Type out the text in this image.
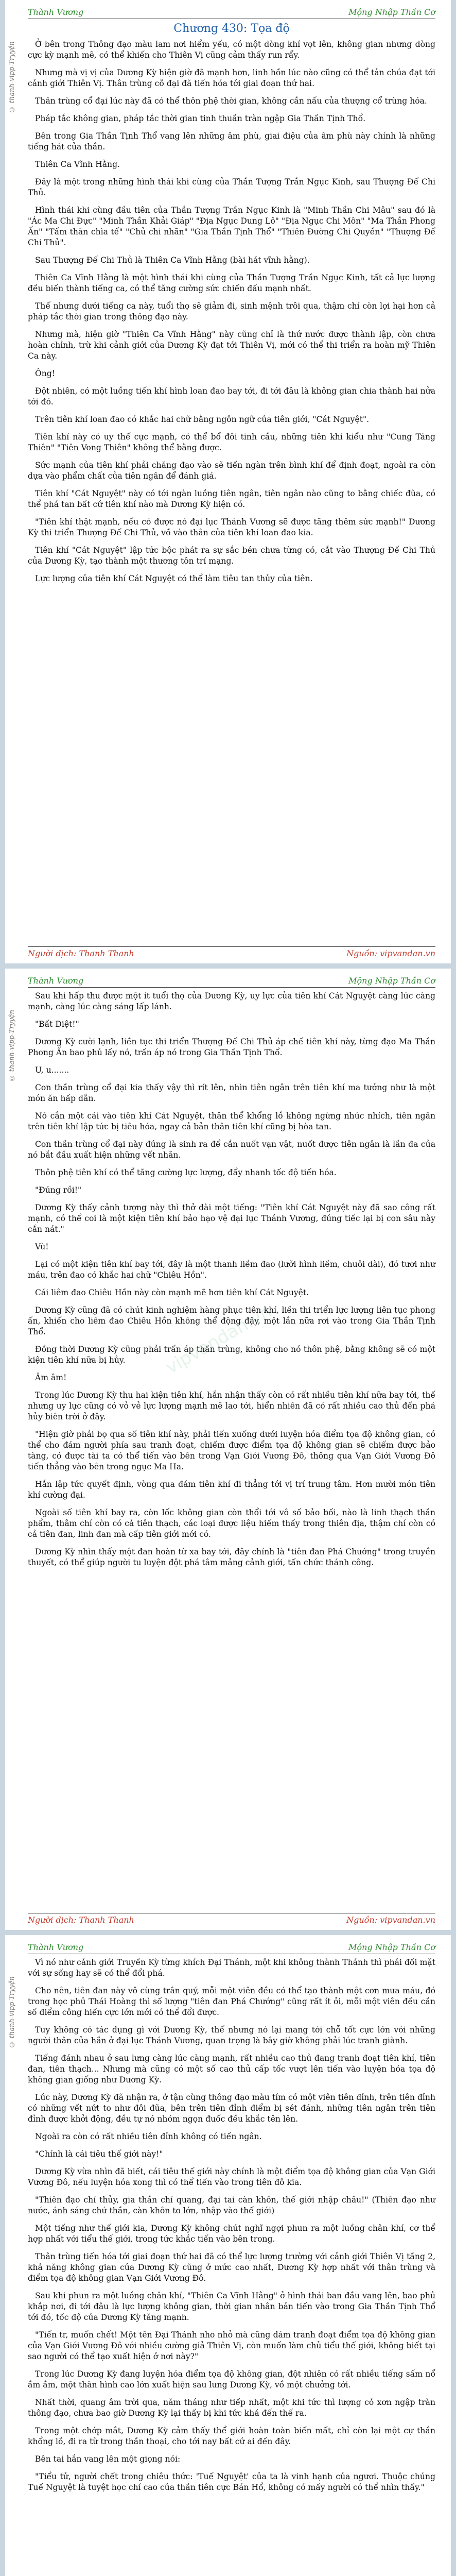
© thanh-vipp-Tryyện
Thành Vương	Mộng Nhập Thần Cơ
Chương 430: Tọa độ

Ở bên trong Thông đạo màu lam nơi hiểm yếu, có một dòng khí vọt lên, không gian nhưng dòng cực kỳ mạnh mẽ, có thể khiến cho Thiên Vị cũng cảm thấy run rẩy.

Nhưng mà vị vị của Dương Kỳ hiện giờ đã mạnh hơn, linh hồn lúc nào cũng có thể tản chúa đạt tới cảnh giới Thiên Vị. Thân trùng cỗ đại đã tiến hóa tới giai đoạn thứ hai.

Thân trùng cổ đại lúc này đã có thể thôn phệ thời gian, không cần nấu của thượng cổ trùng hóa.

Pháp tắc không gian, pháp tắc thời gian tinh thuần tràn ngập Gia Thần Tịnh Thổ.

Bên trong Gia Thần Tịnh Thổ vang lên những âm phù, giai điệu của âm phù này chính là những tiếng hát của thần.

Thiên Ca Vĩnh Hằng.

Đây là một trong những hình thái khi cùng của Thần Tượng Trần Ngục Kinh, sau Thượng Đế Chi Thủ.

Hình thái khi cùng đầu tiên của Thần Tượng Trần Ngục Kinh là "Minh Thần Chi Mâu" sau đó là "Ác Ma Chi Đực" "Minh Thần Khải Giáp" "Địa Ngục Dung Lô" "Địa Ngục Chi Môn" "Ma Thần Phong Ấn" "Tấm thân chìa tế" "Chủ chi nhãn" "Gia Thần Tịnh Thổ" "Thiên Đường Chi Quyền" "Thượng Đế Chi Thủ".

Sau Thượng Đế Chi Thủ là Thiên Ca Vĩnh Hằng (bài hát vĩnh hằng).

Thiên Ca Vĩnh Hằng là một hình thái khi cùng của Thần Tượng Trần Ngục Kinh, tất cả lực lượng đều biến thành tiếng ca, có thể tăng cường sức chiến đấu mạnh nhất.

Thế nhưng dưới tiếng ca này, tuổi thọ sẽ giảm đi, sinh mệnh trôi qua, thậm chí còn lợi hại hơn cả pháp tắc thời gian trong thông đạo này.

Nhưng mà, hiện giờ "Thiên Ca Vĩnh Hằng" này cũng chỉ là thứ nước được thành lập, còn chưa hoàn chỉnh, trừ khi cảnh giới của Dương Kỳ đạt tới Thiên Vị, mới có thể thi triển ra hoàn mỹ Thiên Ca này.

Ông!

Đột nhiên, có một luồng tiến khí hình loan đao bay tới, đi tới đâu là không gian chia thành hai nửa tới đó.

Trên tiên khí loan đao có khắc hai chữ bằng ngôn ngữ của tiên giới, "Cát Nguyệt".

Tiên khí này có uy thế cực mạnh, có thể bổ đôi tinh cầu, những tiên khí kiểu như "Cung Táng Thiên" "Tiên Vong Thiên" không thể bằng được.

Sức mạnh của tiên khí phải chăng đạo vào sẽ tiến ngàn trên bình khí để định đoạt, ngoài ra còn dựa vào phẩm chất của tiên ngân để đánh giá.

Tiên khí "Cát Nguyệt" này có tới ngàn luồng tiên ngân, tiên ngân nào cũng to bằng chiếc đũa, có thể phá tan bất cứ tiên khí nào mà Dương Kỳ hiện có.

"Tiên khí thật mạnh, nếu có được nó đại lục Thánh Vương sẽ được tăng thêm sức mạnh!" Dương Kỳ thi triển Thượng Đế Chi Thủ, vồ vào thân của tiên khí loan đao kia.

Tiên khí "Cát Nguyệt" lập tức bộc phát ra sự sắc bén chưa từng có, cắt vào Thượng Đế Chi Thủ của Dương Kỳ, tạo thành một thương tôn trí mạng.

Lực lượng của tiên khí Cát Nguyệt có thể làm tiêu tan thủy của tiên.

Người dịch: Thanh Thanh	Nguồn: vipvandan.vn
© thanh-vipp-Tryyện
Thành Vương	Mộng Nhập Thần Cơ
vipvandan.vn

Sau khi hấp thu được một ít tuổi thọ của Dương Kỳ, uy lực của tiên khí Cát Nguyệt càng lúc càng mạnh, càng lúc càng sáng lấp lánh.

"Bất Diệt!"

Dương Kỳ cười lạnh, liền tục thi triển Thượng Đế Chi Thủ áp chế tiên khí này, từng đạo Ma Thần Phong Ấn bao phủ lấy nó, trấn áp nó trong Gia Thần Tịnh Thổ.

U, u.......

Con thần trùng cổ đại kia thấy vậy thì rít lên, nhìn tiên ngân trên tiên khí ma tưởng như là một món ăn hấp dẫn.

Nó cắn một cái vào tiên khí Cát Nguyệt, thân thể khổng lồ không ngừng nhúc nhích, tiên ngân trên tiên khí lập tức bị tiêu hóa, ngay cả bản thân tiên khí cũng bị hòa tan.

Con thần trùng cổ đại này đúng là sinh ra để cắn nuốt vạn vật, nuốt được tiên ngân là lần đa của nó bắt đầu xuất hiện những vết nhăn.

Thôn phệ tiên khí có thể tăng cường lực lượng, đẩy nhanh tốc độ tiến hóa.

"Đúng rồi!"

Dương Kỳ thấy cảnh tượng này thì thở dài một tiếng: "Tiên khí Cát Nguyệt này đã sao công rất mạnh, có thể coi là một kiện tiên khí bảo hạo vệ đại lục Thánh Vương, đúng tiếc lại bị con sâu này cắn nát."

Vù!

Lại có một kiện tiên khí bay tới, đây là một thanh liềm đao (lưỡi hình liềm, chuôi dài), đó tươi như máu, trên đao có khắc hai chữ "Chiêu Hồn".

Cái liêm đao Chiêu Hồn này còn mạnh mẽ hơn tiên khí Cát Nguyệt.

Dương Kỳ cũng đã có chút kinh nghiệm hàng phục tiên khí, liền thi triển lực lượng liên tục phong ấn, khiến cho liêm đao Chiêu Hồn không thể động đậy, một lần nữa rơi vào trong Gia Thần Tịnh Thổ.

Đồng thời Dương Kỳ cũng phải trấn áp thần trùng, không cho nó thôn phệ, bằng không sẽ có một kiện tiên khí nữa bị hủy.

Âm âm!

Trong lúc Dương Kỳ thu hai kiện tiên khí, hắn nhận thấy còn có rất nhiều tiên khí nữa bay tới, thế nhưng uy lực cũng có vỏ vẻ lực lượng mạnh mẽ lao tới, hiển nhiên đã có rất nhiều cao thủ đến phá hủy biên trời ở đây.

"Hiện giờ phải bọ qua số tiên khí này, phải tiến xuống dưới luyện hóa điểm tọa độ không gian, có thể cho đám người phía sau tranh đoạt, chiếm được điểm tọa độ không gian sẽ chiếm được bảo tàng, có được tài ta có thể tiến vào bên trong Vạn Giới Vương Đô, thông qua Vạn Giới Vương Đô tiến thẳng vào bên trong ngục Ma Ha.

Hắn lập tức quyết định, vòng qua đám tiên khí đi thẳng tới vị trí trung tâm. Hơn mười món tiên khí cường đại.

Ngoài số tiên khí bay ra, còn lốc không gian còn thổi tới vô số bảo bối, nào là linh thạch thần phẩm, thâm chí còn có cả tiên thạch, các loại được liệu hiếm thấy trong thiên địa, thậm chí còn có cả tiên đan, linh đan mà cấp tiên giới mới có.

Dương Kỳ nhìn thấy một đan hoàn từ xa bay tới, đây chính là "tiên đan Phá Chướng" trong truyền thuyết, có thể giúp người tu luyện đột phá tâm mảng cảnh giới, tấn chức thánh công.

Người dịch: Thanh Thanh	Nguồn: vipvandan.vn
© thanh-vipp-Tryyện
Thành Vương	Mộng Nhập Thần Cơ

Vì nó như cảnh giới Truyền Kỳ từng khích Đại Thánh, một khi không thành Thánh thì phải đối mặt với sự sống hay sẽ có thể đổi phá.

Cho nên, tiên đan này vô cùng trân quý, mỗi một viên đều có thể tạo thành một cơn mưa máu, đó trong học phủ Thái Hoàng thì số lượng "tiên đan Phá Chướng" cũng rất ít ỏi, mỗi một viên đều cần số điểm công hiến cực lớn mới có thể đổi được.

Tuy không có tác dụng gì với Dương Kỳ, thế nhưng nó lại mang tới chỗ tốt cực lớn với những người thân của hắn ở đại lục Thánh Vương, quan trọng là bây giờ không phải lúc tranh giành.

Tiếng đánh nhau ở sau lưng càng lúc càng mạnh, rất nhiều cao thủ đang tranh đoạt tiên khí, tiên đan, tiên thạch... Nhưng mà cũng có một số cao thủ cấp tốc vượt lên tiến vào luyện hóa tọa độ không gian giống như Dương Kỳ.

Lúc này, Dương Kỳ đã nhận ra, ở tận cùng thông đạo màu tím có một viên tiên đỉnh, trên tiên đỉnh có những vết nứt to như đôi đũa, bên trên tiên đỉnh điểm bị sét đánh, những tiên ngân trên tiên đỉnh được khởi động, đều tự nó nhóm ngọn đuốc đều khắc tên lên.

Ngoài ra còn có rất nhiều tiên đỉnh không có tiến ngân.

"Chính là cái tiêu thế giới này!"

Dương Kỳ vừa nhìn đã biết, cái tiêu thế giới này chính là một điểm tọa độ không gian của Vạn Giới Vương Đô, nếu luyện hóa xong thì có thể tiến vào trong tiên đô kia.

"Thiên đạo chí thủy, gia thần chí quang, đại tai càn khôn, thế giới nhập châu!" (Thiên đạo như nước, ánh sáng chứ thần, càn khôn to lớn, nhập vào thế giới)

Một tiếng như thế giới kia, Dương Kỳ không chút nghĩ ngợi phun ra một luồng chân khí, cơ thể hợp nhất với tiểu thế giới, trong tức khắc tiến vào bên trong.

Thân trùng tiến hóa tới giai đoạn thứ hai đã có thể lực lượng trường với cảnh giới Thiên Vị tầng 2, khả năng không gian của Dương Kỳ cũng ở mức cao nhất, Dương Kỳ hợp nhất với thân trùng và điểm tọa độ không gian Vạn Giới Vương Đô.

Sau khi phun ra một luồng chân khí, "Thiên Ca Vĩnh Hằng" ở hình thái ban đầu vang lên, bao phủ khắp nơi, đi tới đâu là lực lượng không gian, thời gian nhân bản tiến vào trong Gia Thần Tịnh Thổ tới đó, tốc độ của Dương Kỳ tăng mạnh.

"Tiến tr, muốn chết! Một tên Đại Thánh nho nhỏ mà cũng dám tranh đoạt điểm tọa độ không gian của Vạn Giới Vương Đô với nhiều cường giả Thiên Vị, còn muốn làm chủ tiểu thế giới, không biết tại sao người có thể tạo xuất hiện ở nơi này?"

Trong lúc Dương Kỳ đang luyện hóa điểm tọa độ không gian, đột nhiên có rất nhiều tiếng sấm nổ ầm ầm, một thân hình cao lớn xuất hiện sau lưng Dương Kỳ, vồ một chưởng tới.

Nhất thời, quang âm trời qua, năm tháng như tiếp nhất, một khi tức thì lượng cỏ xơn ngập tràn thông đạo, chưa bao giờ Dương Kỳ lại thấy bị khi tức khá đến thế ra.

Trong một chớp mắt, Dương Kỳ cảm thấy thể giới hoàn toàn biến mất, chỉ còn lại một cự thần khổng lồ, đi ra từ trong thần thoại, cho tới nay bất cứ ai đến đây.

Bên tai hắn vang lên một giọng nói:

"Tiểu tử, người chết trong chiêu thức: 'Tuế Nguyệt' của ta là vinh hạnh của ngươi. Thuộc chúng Tuế Nguyệt là tuyệt học chí cao của thần tiên cực Bán Hổ, không có mấy người có thể nhìn thấy."
